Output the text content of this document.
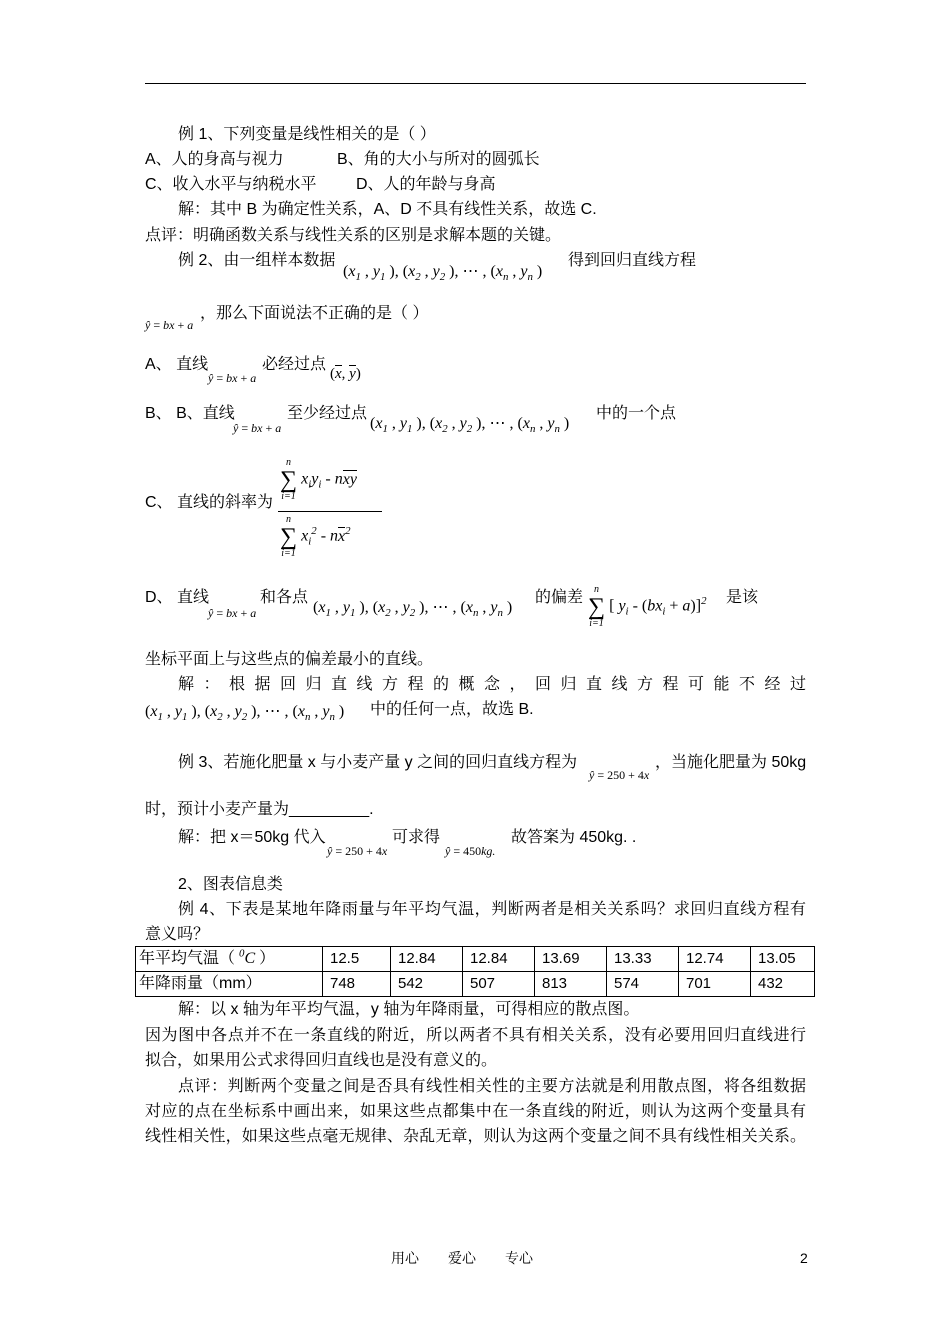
例 1、下列变量是线性相关的是（ ）
A、人的身高与视力	B、角的大小与所对的圆弧长
C、收入水平与纳税水平 D、人的年龄与身高
解：其中 B 为确定性关系，A、D 不具有线性关系，故选 C.
点评：明确函数关系与线性关系的区别是求解本题的关键。
例 2、由一组样本数据
($x_1$ , $y_1$ ), ($x_2$ , $y_2$ ), ⋯ , ($x_n$ , $y_n$ )
得到回归直线方程
ŷ = bx + a
，那么下面说法不正确的是（ ）
A、 直线
ŷ = bx + a
必经过点
(x, y)
B、 B、直线
ŷ = bx + a
至少经过点
($x_1$ , $y_1$ ), ($x_2$ , $y_2$ ), ⋯ , ($x_n$ , $y_n$ )
中的一个点
C、 直线的斜率为
n
∑
i=1
$x_iy_i$ - nxy
n
∑
i=1
$x_i^2 - nx^2$
D、 直线
ŷ = bx + a
和各点
($x_1$ , $y_1$ ), ($x_2$ , $y_2$ ), ⋯ , ($x_n$ , $y_n$ )
的偏差 n
∑
i=1
[ $y_i - (bx_i + a)]^2$ 是该
坐标平面上与这些点的偏差最小的直线。
解 ： 根 据 回 归 直 线 方 程 的 概 念 ， 回 归 直 线 方 程 可 能 不 经 过
($x_1$ , $y_1$ ), ($x_2$ , $y_2$ ), ⋯ , ($x_n$ , $y_n$ ) 中的任何一点，故选 B.
例 3、若施化肥量 x 与小麦产量 y 之间的回归直线方程为
ŷ = 250 + 4x
，当施化肥量为 50kg
时，预计小麦产量为_________.
解：把 x＝50kg 代入
ŷ = 250 + 4x
可求得
ŷ = 450kg.
故答案为 450kg. .
2、图表信息类
例 4、下表是某地年降雨量与年平均气温，判断两者是相关关系吗？求回归直线方程有
意义吗？
年平均气温（ $^0$C ）	12.5	12.84	12.84	13.69	13.33	12.74	13.05
年降雨量（mm）	748	542	507	813	574	701	432
解：以 x 轴为年平均气温，y 轴为年降雨量，可得相应的散点图。
因为图中各点并不在一条直线的附近，所以两者不具有相关关系，没有必要用回归直线进行
拟合，如果用公式求得回归直线也是没有意义的。
点评：判断两个变量之间是否具有线性相关性的主要方法就是利用散点图，将各组数据
对应的点在坐标系中画出来，如果这些点都集中在一条直线的附近，则认为这两个变量具有
线性相关性，如果这些点毫无规律、杂乱无章，则认为这两个变量之间不具有线性相关关系。
用心 爱心 专心	2
